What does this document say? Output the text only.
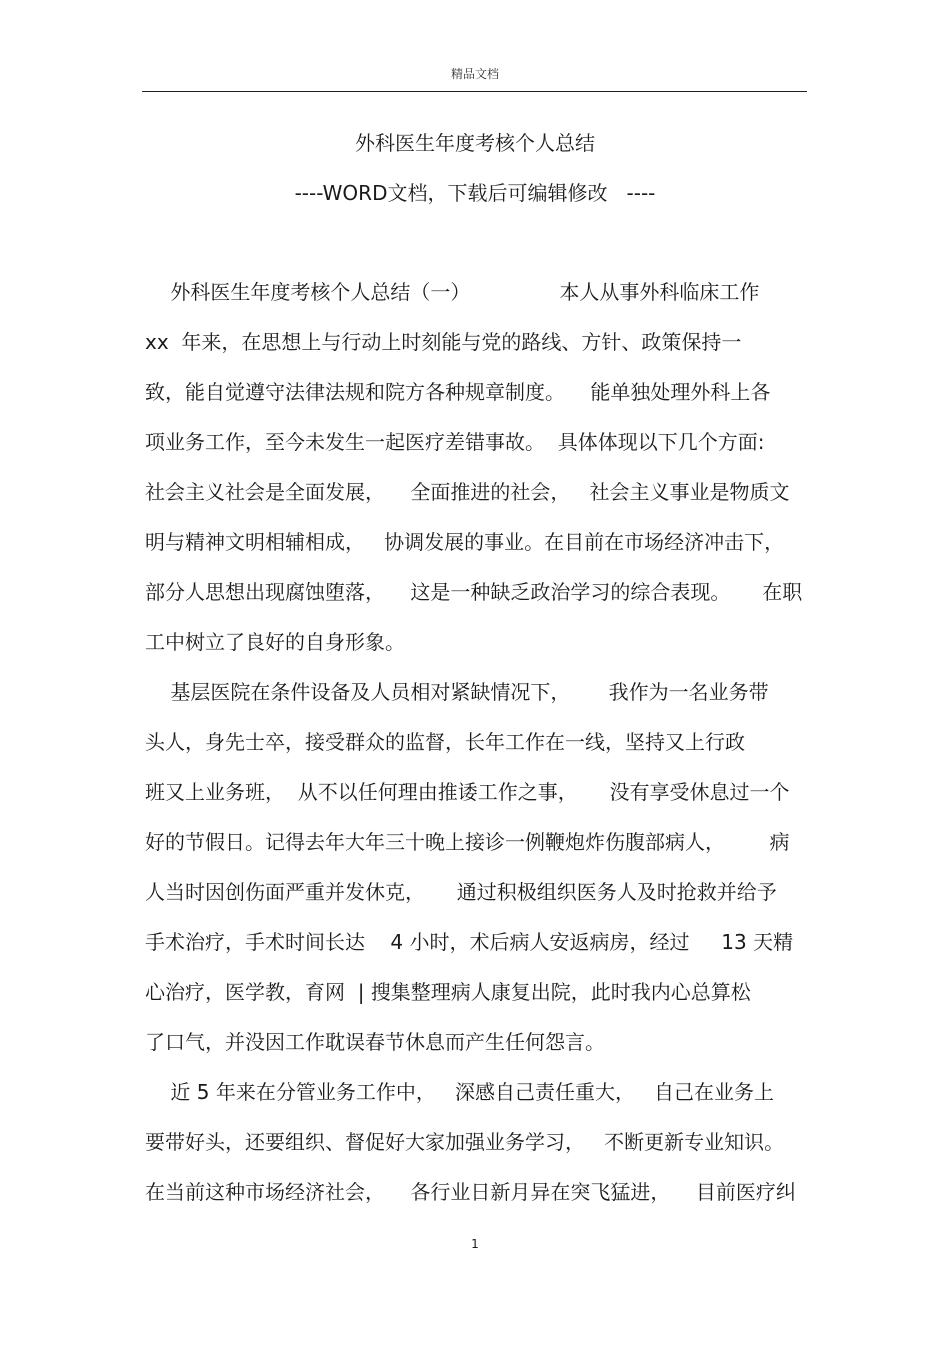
精品文档
外科医生年度考核个人总结
----WORD文档，下载后可编辑修改   ----
外科医生年度考核个人总结（一）              本人从事外科临床工作
xx  年来，在思想上与行动上时刻能与党的路线、方针、政策保持一
致，能自觉遵守法律法规和院方各种规章制度。    能单独处理外科上各
项业务工作，至今未发生一起医疗差错事故。  具体体现以下几个方面:
社会主义社会是全面发展，    全面推进的社会，   社会主义事业是物质文
明与精神文明相辅相成，   协调发展的事业。在目前在市场经济冲击下，
部分人思想出现腐蚀堕落，    这是一种缺乏政治学习的综合表现。     在职
工中树立了良好的自身形象。
基层医院在条件设备及人员相对紧缺情况下，      我作为一名业务带
头人，身先士卒，接受群众的监督，长年工作在一线，坚持又上行政
班又上业务班，  从不以任何理由推诿工作之事，     没有享受休息过一个
好的节假日。记得去年大年三十晚上接诊一例鞭炮炸伤腹部病人，       病
人当时因创伤面严重并发休克，     通过积极组织医务人及时抢救并给予
手术治疗，手术时间长达    4 小时，术后病人安返病房，经过     13 天精
心治疗，医学教，育网  | 搜集整理病人康复出院，此时我内心总算松
了口气，并没因工作耽误春节休息而产生任何怨言。
近 5 年来在分管业务工作中，   深感自己责任重大，   自己在业务上
要带好头，还要组织、督促好大家加强业务学习，   不断更新专业知识。
在当前这种市场经济社会，    各行业日新月异在突飞猛进，    目前医疗纠
1
